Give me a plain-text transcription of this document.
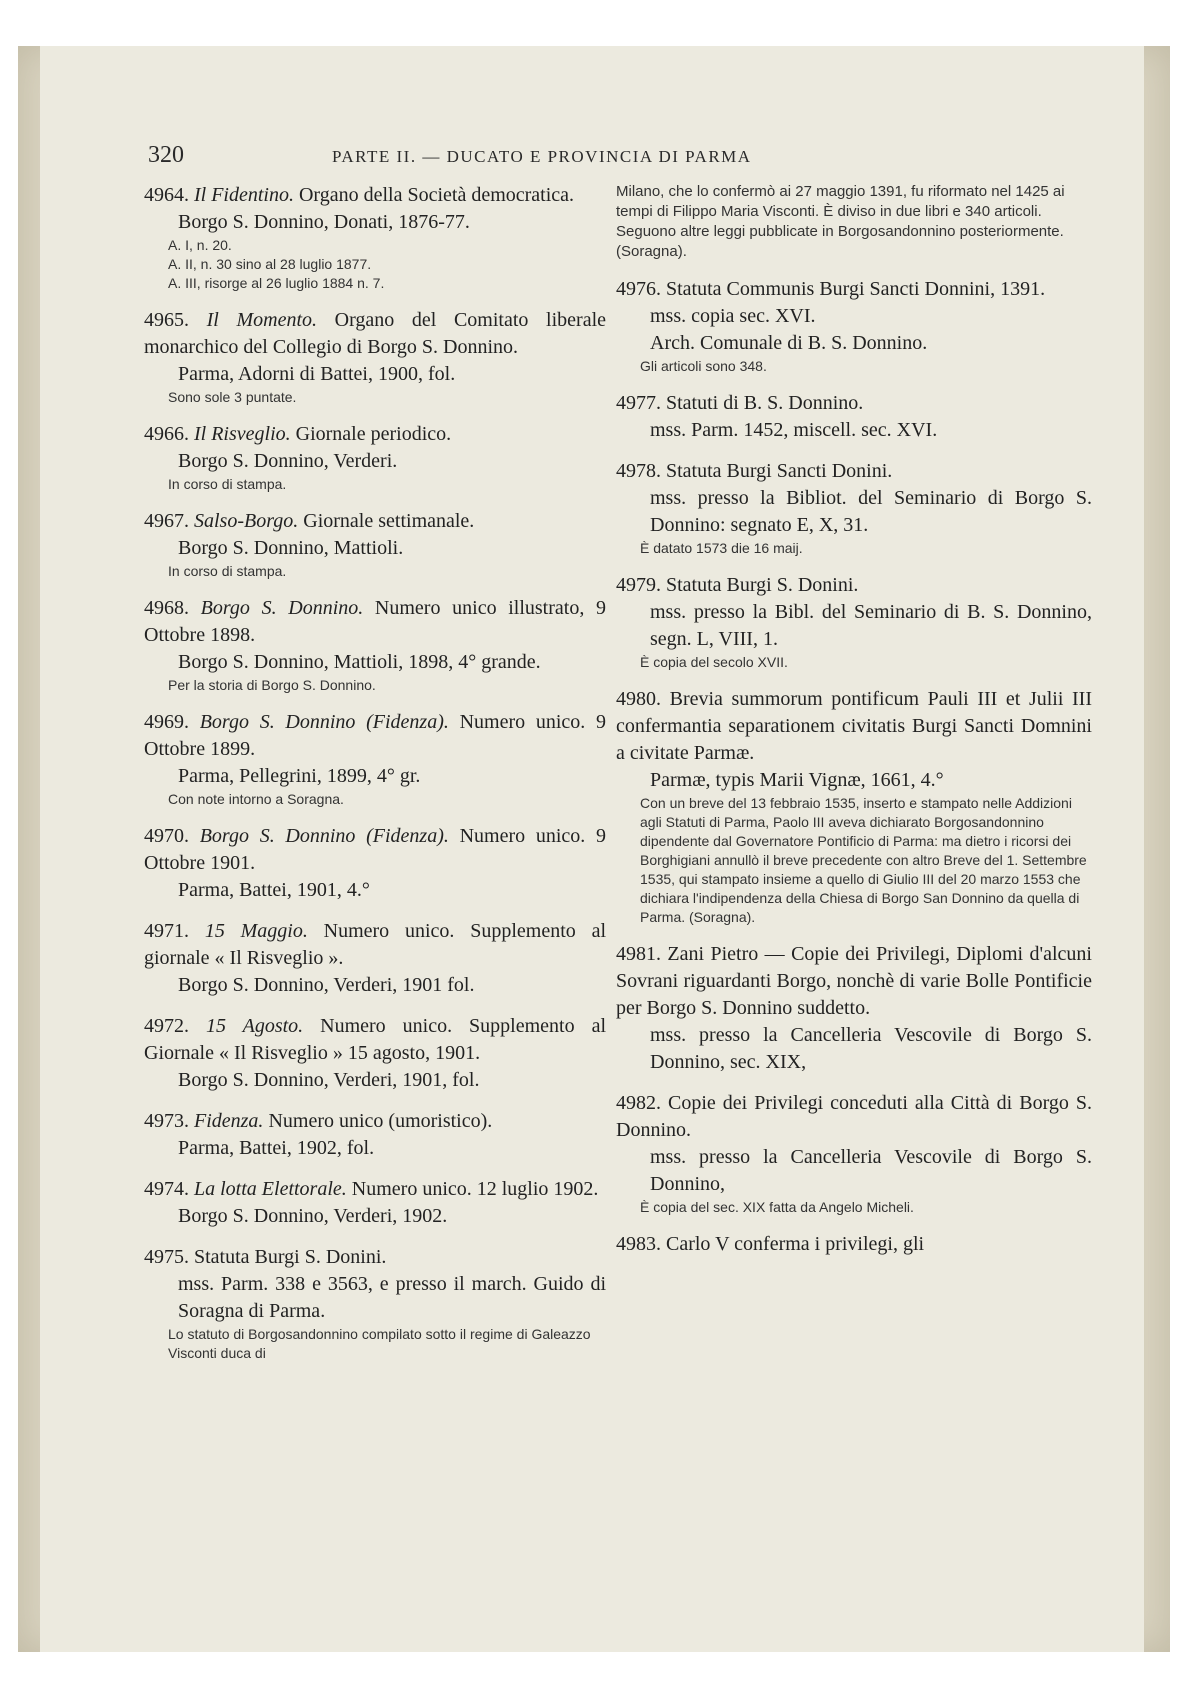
320	PARTE II. — DUCATO E PROVINCIA DI PARMA
4964. Il Fidentino. Organo della Società democratica.
Borgo S. Donnino, Donati, 1876-77.
A. I, n. 20.
A. II, n. 30 sino al 28 luglio 1877.
A. III, risorge al 26 luglio 1884 n. 7.
4965. Il Momento. Organo del Comitato liberale monarchico del Collegio di Borgo S. Donnino.
Parma, Adorni di Battei, 1900, fol.
Sono sole 3 puntate.
4966. Il Risveglio. Giornale periodico.
Borgo S. Donnino, Verderi.
In corso di stampa.
4967. Salso-Borgo. Giornale settimanale.
Borgo S. Donnino, Mattioli.
In corso di stampa.
4968. Borgo S. Donnino. Numero unico illustrato, 9 Ottobre 1898.
Borgo S. Donnino, Mattioli, 1898, 4° grande.
Per la storia di Borgo S. Donnino.
4969. Borgo S. Donnino (Fidenza). Numero unico. 9 Ottobre 1899.
Parma, Pellegrini, 1899, 4° gr.
Con note intorno a Soragna.
4970. Borgo S. Donnino (Fidenza). Numero unico. 9 Ottobre 1901.
Parma, Battei, 1901, 4.°
4971. 15 Maggio. Numero unico. Supplemento al giornale « Il Risveglio ».
Borgo S. Donnino, Verderi, 1901 fol.
4972. 15 Agosto. Numero unico. Supplemento al Giornale « Il Risveglio » 15 agosto, 1901.
Borgo S. Donnino, Verderi, 1901, fol.
4973. Fidenza. Numero unico (umoristico).
Parma, Battei, 1902, fol.
4974. La lotta Elettorale. Numero unico. 12 luglio 1902.
Borgo S. Donnino, Verderi, 1902.
4975. Statuta Burgi S. Donini.
mss. Parm. 338 e 3563, e presso il march. Guido di Soragna di Parma.
Lo statuto di Borgosandonnino compilato sotto il regime di Galeazzo Visconti duca di
Milano, che lo confermò ai 27 maggio 1391, fu riformato nel 1425 ai tempi di Filippo Maria Visconti. È diviso in due libri e 340 articoli. Seguono altre leggi pubblicate in Borgosandonnino posteriormente. (Soragna).
4976. Statuta Communis Burgi Sancti Donnini, 1391.
mss. copia sec. XVI.
Arch. Comunale di B. S. Donnino.
Gli articoli sono 348.
4977. Statuti di B. S. Donnino.
mss. Parm. 1452, miscell. sec. XVI.
4978. Statuta Burgi Sancti Donini.
mss. presso la Bibliot. del Seminario di Borgo S. Donnino: segnato E, X, 31.
È datato 1573 die 16 maij.
4979. Statuta Burgi S. Donini.
mss. presso la Bibl. del Seminario di B. S. Donnino, segn. L, VIII, 1.
È copia del secolo XVII.
4980. Brevia summorum pontificum Pauli III et Julii III confermantia separationem civitatis Burgi Sancti Domnini a civitate Parmæ.
Parmæ, typis Marii Vignæ, 1661, 4.°
Con un breve del 13 febbraio 1535, inserto e stampato nelle Addizioni agli Statuti di Parma, Paolo III aveva dichiarato Borgosandonnino dipendente dal Governatore Pontificio di Parma: ma dietro i ricorsi dei Borghigiani annullò il breve precedente con altro Breve del 1. Settembre 1535, qui stampato insieme a quello di Giulio III del 20 marzo 1553 che dichiara l'indipendenza della Chiesa di Borgo San Donnino da quella di Parma. (Soragna).
4981. Zani Pietro — Copie dei Privilegi, Diplomi d'alcuni Sovrani riguardanti Borgo, nonchè di varie Bolle Pontificie per Borgo S. Donnino suddetto.
mss. presso la Cancelleria Vescovile di Borgo S. Donnino, sec. XIX,
4982. Copie dei Privilegi conceduti alla Città di Borgo S. Donnino.
mss. presso la Cancelleria Vescovile di Borgo S. Donnino,
È copia del sec. XIX fatta da Angelo Micheli.
4983. Carlo V conferma i privilegi, gli
